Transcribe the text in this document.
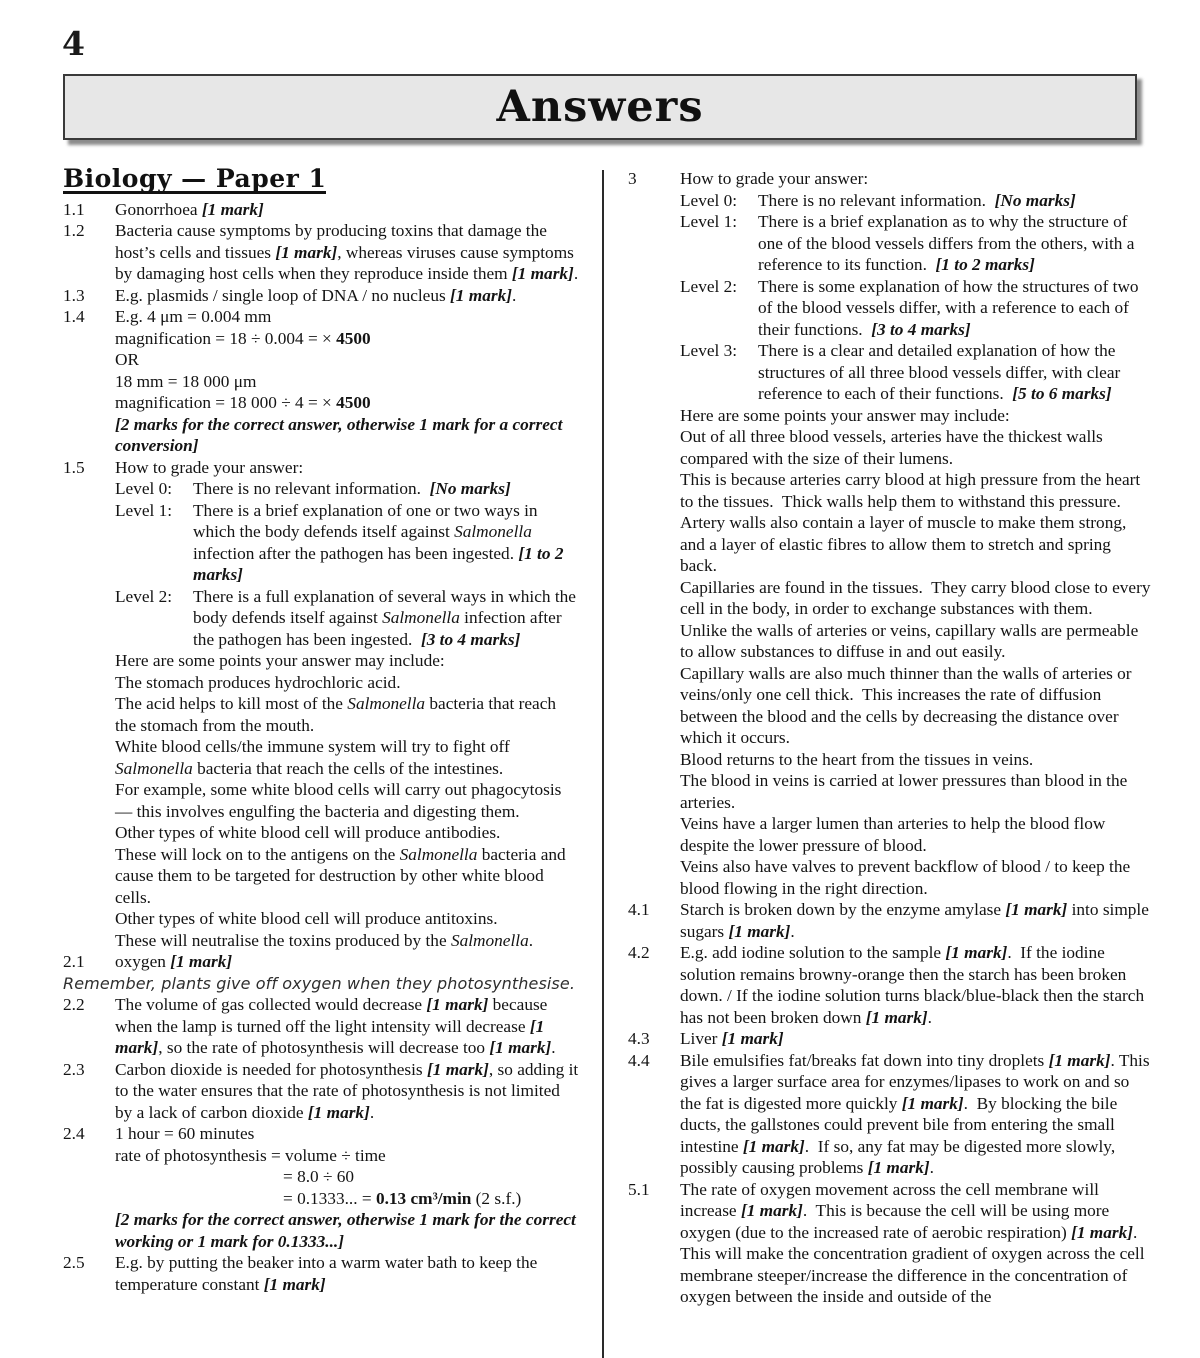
4
Answers
Biology — Paper 1
1.1	Gonorrhoea [1 mark]
1.2	Bacteria cause symptoms by producing toxins that damage the host’s cells and tissues [1 mark], whereas viruses cause symptoms by damaging host cells when they reproduce inside them [1 mark].
1.3	E.g. plasmids / single loop of DNA / no nucleus [1 mark].
1.4	E.g. 4 μm = 0.004 mm
magnification = 18 ÷ 0.004 = × 4500
OR
18 mm = 18 000 μm
magnification = 18 000 ÷ 4 = × 4500
[2 marks for the correct answer, otherwise 1 mark for a correct conversion]
1.5	How to grade your answer:
Level 0:	There is no relevant information.  [No marks]
Level 1:	There is a brief explanation of one or two ways in which the body defends itself against Salmonella infection after the pathogen has been ingested. [1 to 2 marks]
Level 2:	There is a full explanation of several ways in which the body defends itself against Salmonella infection after the pathogen has been ingested.  [3 to 4 marks]
Here are some points your answer may include:
The stomach produces hydrochloric acid.
The acid helps to kill most of the Salmonella bacteria that reach the stomach from the mouth.
White blood cells/the immune system will try to fight off Salmonella bacteria that reach the cells of the intestines.
For example, some white blood cells will carry out phagocytosis — this involves engulfing the bacteria and digesting them.
Other types of white blood cell will produce antibodies.
These will lock on to the antigens on the Salmonella bacteria and cause them to be targeted for destruction by other white blood cells.
Other types of white blood cell will produce antitoxins.
These will neutralise the toxins produced by the Salmonella.
2.1	oxygen [1 mark]
Remember, plants give off oxygen when they photosynthesise.
2.2	The volume of gas collected would decrease [1 mark] because when the lamp is turned off the light intensity will decrease [1 mark], so the rate of photosynthesis will decrease too [1 mark].
2.3	Carbon dioxide is needed for photosynthesis [1 mark], so adding it to the water ensures that the rate of photosynthesis is not limited by a lack of carbon dioxide [1 mark].
2.4	1 hour = 60 minutes
rate of photosynthesis = volume ÷ time
= 8.0 ÷ 60
= 0.1333... = 0.13 cm³/min (2 s.f.)
[2 marks for the correct answer, otherwise 1 mark for the correct working or 1 mark for 0.1333...]
2.5	E.g. by putting the beaker into a warm water bath to keep the temperature constant [1 mark]
3	How to grade your answer:
Level 0:	There is no relevant information.  [No marks]
Level 1:	There is a brief explanation as to why the structure of one of the blood vessels differs from the others, with a reference to its function.  [1 to 2 marks]
Level 2:	There is some explanation of how the structures of two of the blood vessels differ, with a reference to each of their functions.  [3 to 4 marks]
Level 3:	There is a clear and detailed explanation of how the structures of all three blood vessels differ, with clear reference to each of their functions.  [5 to 6 marks]
Here are some points your answer may include:
Out of all three blood vessels, arteries have the thickest walls compared with the size of their lumens.
This is because arteries carry blood at high pressure from the heart to the tissues.  Thick walls help them to withstand this pressure.
Artery walls also contain a layer of muscle to make them strong, and a layer of elastic fibres to allow them to stretch and spring back.
Capillaries are found in the tissues.  They carry blood close to every cell in the body, in order to exchange substances with them.
Unlike the walls of arteries or veins, capillary walls are permeable to allow substances to diffuse in and out easily.
Capillary walls are also much thinner than the walls of arteries or veins/only one cell thick.  This increases the rate of diffusion between the blood and the cells by decreasing the distance over which it occurs.
Blood returns to the heart from the tissues in veins.
The blood in veins is carried at lower pressures than blood in the arteries.
Veins have a larger lumen than arteries to help the blood flow despite the lower pressure of blood.
Veins also have valves to prevent backflow of blood / to keep the blood flowing in the right direction.
4.1	Starch is broken down by the enzyme amylase [1 mark] into simple sugars [1 mark].
4.2	E.g. add iodine solution to the sample [1 mark].  If the iodine solution remains browny-orange then the starch has been broken down. / If the iodine solution turns black/blue-black then the starch has not been broken down [1 mark].
4.3	Liver [1 mark]
4.4	Bile emulsifies fat/breaks fat down into tiny droplets [1 mark]. This gives a larger surface area for enzymes/lipases to work on and so the fat is digested more quickly [1 mark].  By blocking the bile ducts, the gallstones could prevent bile from entering the small intestine [1 mark].  If so, any fat may be digested more slowly, possibly causing problems [1 mark].
5.1	The rate of oxygen movement across the cell membrane will increase [1 mark].  This is because the cell will be using more oxygen (due to the increased rate of aerobic respiration) [1 mark].  This will make the concentration gradient of oxygen across the cell membrane steeper/increase the difference in the concentration of oxygen between the inside and outside of the
